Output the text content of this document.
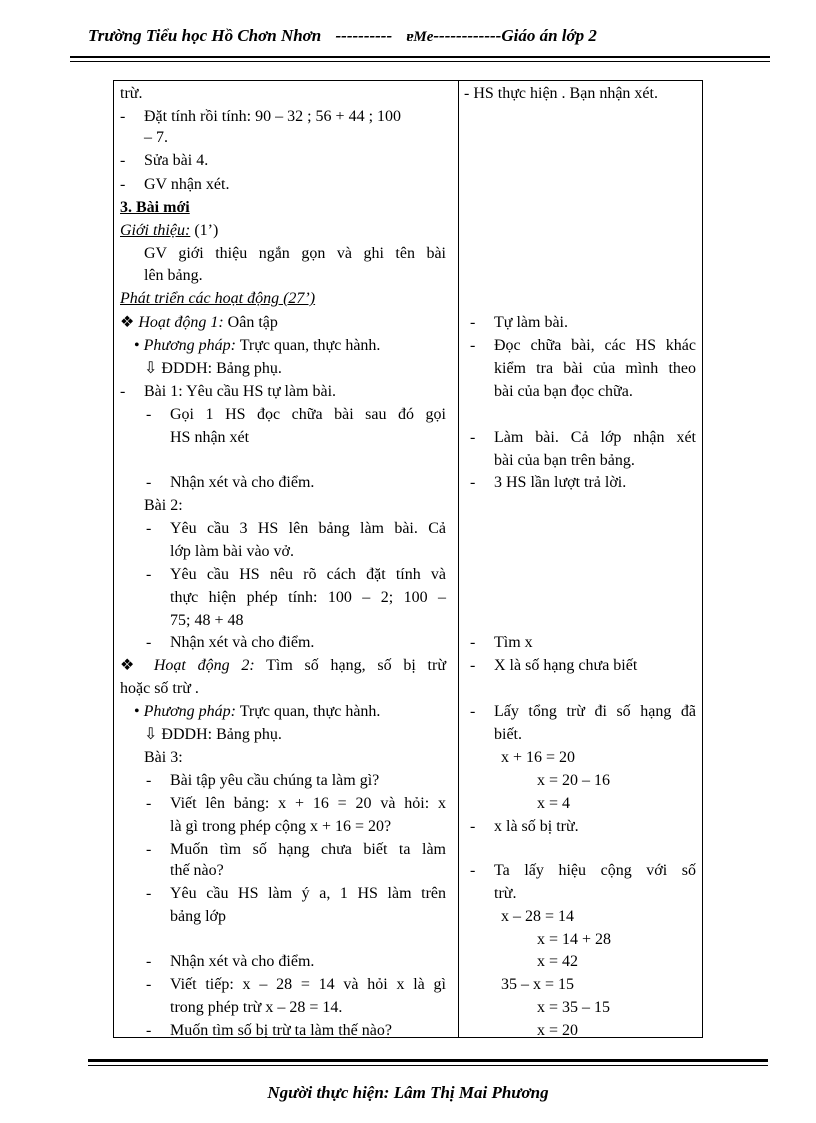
Trường Tiểu học Hồ Chơn Nhơn ---------- ɐMe------------Giáo án lớp 2
trừ.
- Đặt tính rồi tính: 90 – 32 ; 56 + 44 ; 100
– 7.
- Sửa bài 4.
- GV nhận xét.
3. Bài mới
Giới thiệu: (1’)
GV giới thiệu ngắn gọn và ghi tên bài
lên bảng.
Phát triển các hoạt động (27’)
❖ Hoạt động 1: Oân tập
• Phương pháp: Trực quan, thực hành.
⇩ ĐDDH: Bảng phụ.
- Bài 1: Yêu cầu HS tự làm bài.
- Gọi 1 HS đọc chữa bài sau đó gọi
HS nhận xét
- Nhận xét và cho điểm.
Bài 2:
- Yêu cầu 3 HS lên bảng làm bài. Cả
lớp làm bài vào vở.
- Yêu cầu HS nêu rõ cách đặt tính và
thực hiện phép tính: 100 – 2; 100 –
75; 48 + 48
- Nhận xét và cho điểm.
❖ Hoạt động 2: Tìm số hạng, số bị trừ
hoặc số trừ .
• Phương pháp: Trực quan, thực hành.
⇩ ĐDDH: Bảng phụ.
Bài 3:
- Bài tập yêu cầu chúng ta làm gì?
- Viết lên bảng: x + 16 = 20 và hỏi: x
là gì trong phép cộng x + 16 = 20?
- Muốn tìm số hạng chưa biết ta làm
thế nào?
- Yêu cầu HS làm ý a, 1 HS làm trên
bảng lớp
- Nhận xét và cho điểm.
- Viết tiếp: x – 28 = 14 và hỏi x là gì
trong phép trừ x – 28 = 14.
- Muốn tìm số bị trừ ta làm thế nào?
- HS thực hiện . Bạn nhận xét.
- Tự làm bài.
- Đọc chữa bài, các HS khác
kiểm tra bài của mình theo
bài của bạn đọc chữa.
- Làm bài. Cả lớp nhận xét
bài của bạn trên bảng.
- 3 HS lần lượt trả lời.
- Tìm x
- X là số hạng chưa biết
- Lấy tổng trừ đi số hạng đã
biết.
x + 16 = 20
x = 20 – 16
x = 4
- x là số bị trừ.
- Ta lấy hiệu cộng với số
trừ.
x – 28 = 14
x = 14 + 28
x = 42
35 – x = 15
x = 35 – 15
x = 20
Người thực hiện: Lâm Thị Mai Phương
